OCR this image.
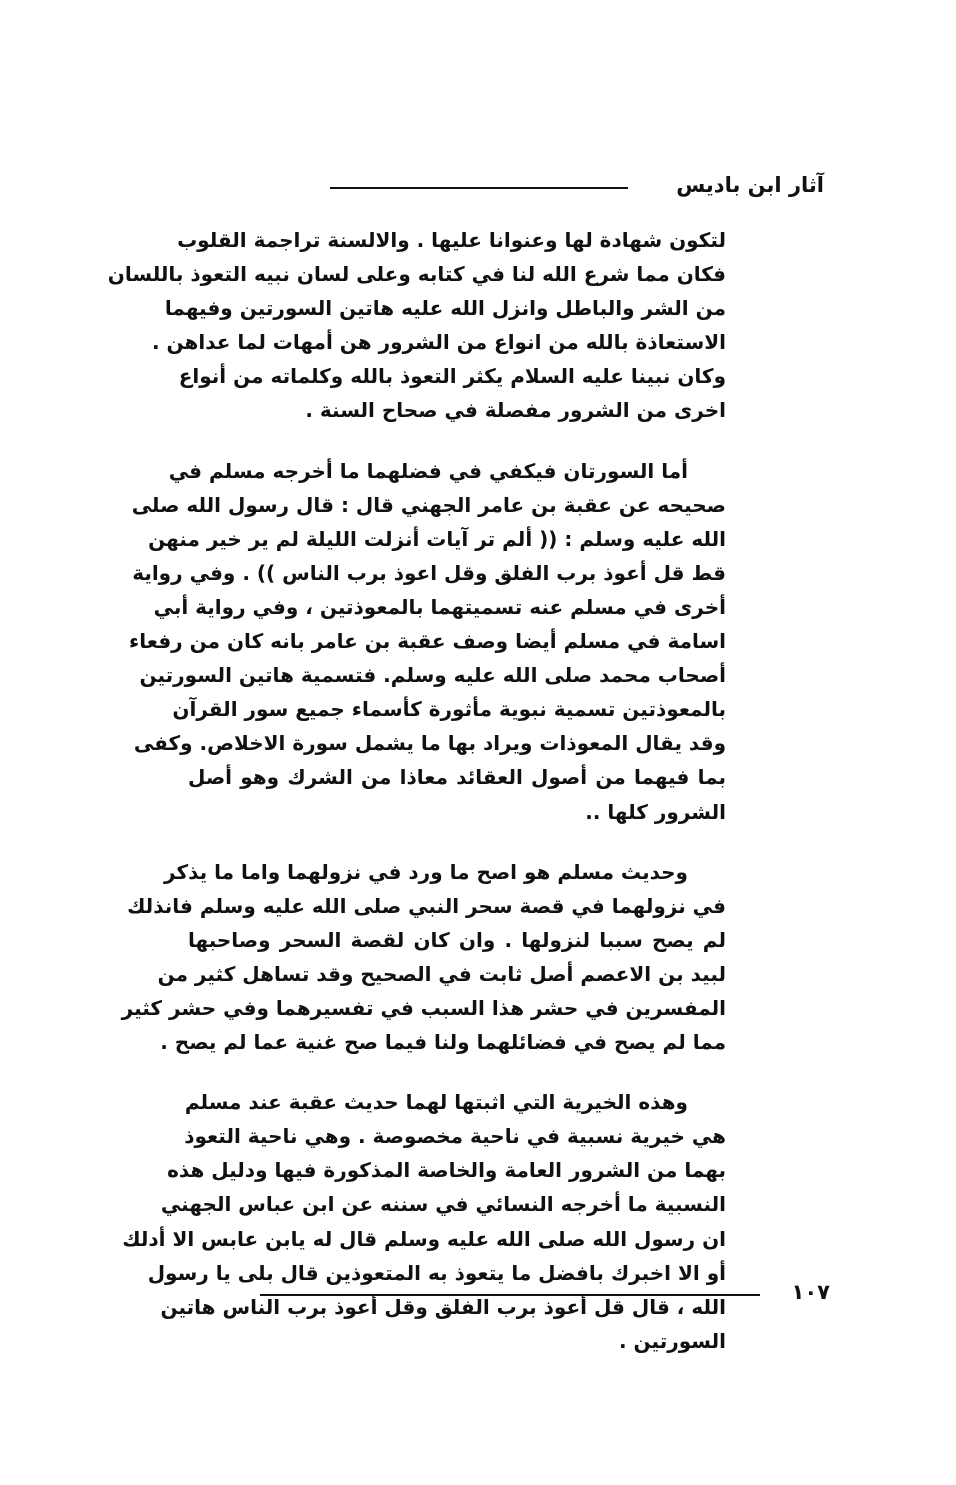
آثار ابن باديس

لتكون شهادة لها وعنوانا عليها . والالسنة تراجمة القلوب
فكان مما شرع الله لنا في كتابه وعلى لسان نبيه التعوذ باللسان
من الشر والباطل وانزل الله عليه هاتين السورتين وفيهما
الاستعاذة بالله من انواع من الشرور هن أمهات لما عداهن .
وكان نبينا عليه السلام يكثر التعوذ بالله وكلماته من أنواع
اخرى من الشرور مفصلة في صحاح السنة .

أما السورتان فيكفي في فضلهما ما أخرجه مسلم في
صحيحه عن عقبة بن عامر الجهني قال : قال رسول الله صلى
الله عليه وسلم : (( ألم تر آيات أنزلت الليلة لم ير خير منهن
قط قل أعوذ برب الفلق وقل اعوذ برب الناس )) . وفي رواية
أخرى في مسلم عنه تسميتهما بالمعوذتين ، وفي رواية أبي
اسامة في مسلم أيضا وصف عقبة بن عامر بانه كان من رفعاء
أصحاب محمد صلى الله عليه وسلم. فتسمية هاتين السورتين
بالمعوذتين تسمية نبوية مأثورة كأسماء جميع سور القرآن
وقد يقال المعوذات ويراد بها ما يشمل سورة الاخلاص. وكفى
بما فيهما من أصول العقائد معاذا من الشرك وهو أصل
الشرور كلها ..

وحديث مسلم هو اصح ما ورد في نزولهما واما ما يذكر
في نزولهما في قصة سحر النبي صلى الله عليه وسلم فانذلك
لم يصح سببا لنزولها . وان كان لقصة السحر وصاحبها
لبيد بن الاعصم أصل ثابت في الصحيح وقد تساهل كثير من
المفسرين في حشر هذا السبب في تفسيرهما وفي حشر كثير
مما لم يصح في فضائلهما ولنا فيما صح غنية عما لم يصح .

وهذه الخيرية التي اثبتها لهما حديث عقبة عند مسلم
هي خيرية نسبية في ناحية مخصوصة . وهي ناحية التعوذ
بهما من الشرور العامة والخاصة المذكورة فيها ودليل هذه
النسبية ما أخرجه النسائي في سننه عن ابن عباس الجهني
ان رسول الله صلى الله عليه وسلم قال له يابن عابس الا أدلك
أو الا اخبرك بافضل ما يتعوذ به المتعوذين قال بلى يا رسول
الله ، قال قل أعوذ برب الفلق وقل أعوذ برب الناس هاتين
السورتين .

١٠٧
